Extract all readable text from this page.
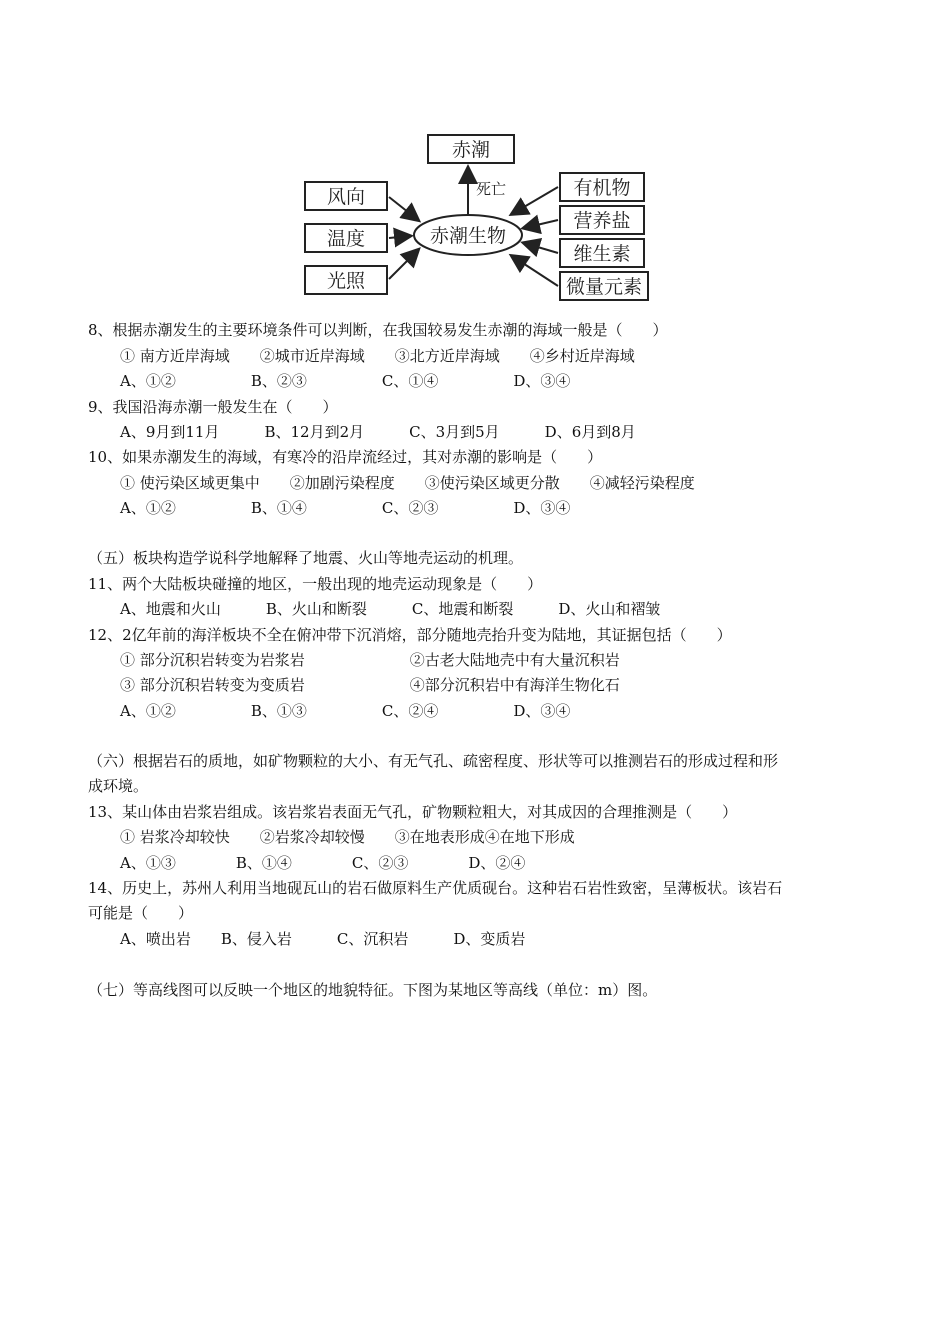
赤潮
死亡
赤潮生物
风向
温度
光照
有机物
营养盐
维生素
微量元素
8、根据赤潮发生的主要环境条件可以判断，在我国较易发生赤潮的海域一般是（　　）
① 南方近岸海域　　②城市近岸海域　　③北方近岸海域　　④乡村近岸海域
A、①②　　　　　B、②③　　　　　C、①④　　　　　D、③④
9、我国沿海赤潮一般发生在（　　）
A、9月到11月　　　B、12月到2月　　　C、3月到5月　　　D、6月到8月
10、如果赤潮发生的海域，有寒冷的沿岸流经过，其对赤潮的影响是（　　）
① 使污染区域更集中　　②加剧污染程度　　③使污染区域更分散　　④减轻污染程度
A、①②　　　　　B、①④　　　　　C、②③　　　　　D、③④
（五）板块构造学说科学地解释了地震、火山等地壳运动的机理。
11、两个大陆板块碰撞的地区，一般出现的地壳运动现象是（　　）
A、地震和火山　　　B、火山和断裂　　　C、地震和断裂　　　D、火山和褶皱
12、2亿年前的海洋板块不全在俯冲带下沉消熔，部分随地壳抬升变为陆地，其证据包括（　　）
① 部分沉积岩转变为岩浆岩　　　　　　　②古老大陆地壳中有大量沉积岩
③ 部分沉积岩转变为变质岩　　　　　　　④部分沉积岩中有海洋生物化石
A、①②　　　　　B、①③　　　　　C、②④　　　　　D、③④
（六）根据岩石的质地，如矿物颗粒的大小、有无气孔、疏密程度、形状等可以推测岩石的形成过程和形
成环境。
13、某山体由岩浆岩组成。该岩浆岩表面无气孔，矿物颗粒粗大，对其成因的合理推测是（　　）
① 岩浆冷却较快　　②岩浆冷却较慢　　③在地表形成④在地下形成
A、①③　　　　B、①④　　　　C、②③　　　　D、②④
14、历史上，苏州人利用当地砚瓦山的岩石做原料生产优质砚台。这种岩石岩性致密，呈薄板状。该岩石
可能是（　　）
A、喷出岩　　B、侵入岩　　　C、沉积岩　　　D、变质岩
（七）等高线图可以反映一个地区的地貌特征。下图为某地区等高线（单位：m）图。
